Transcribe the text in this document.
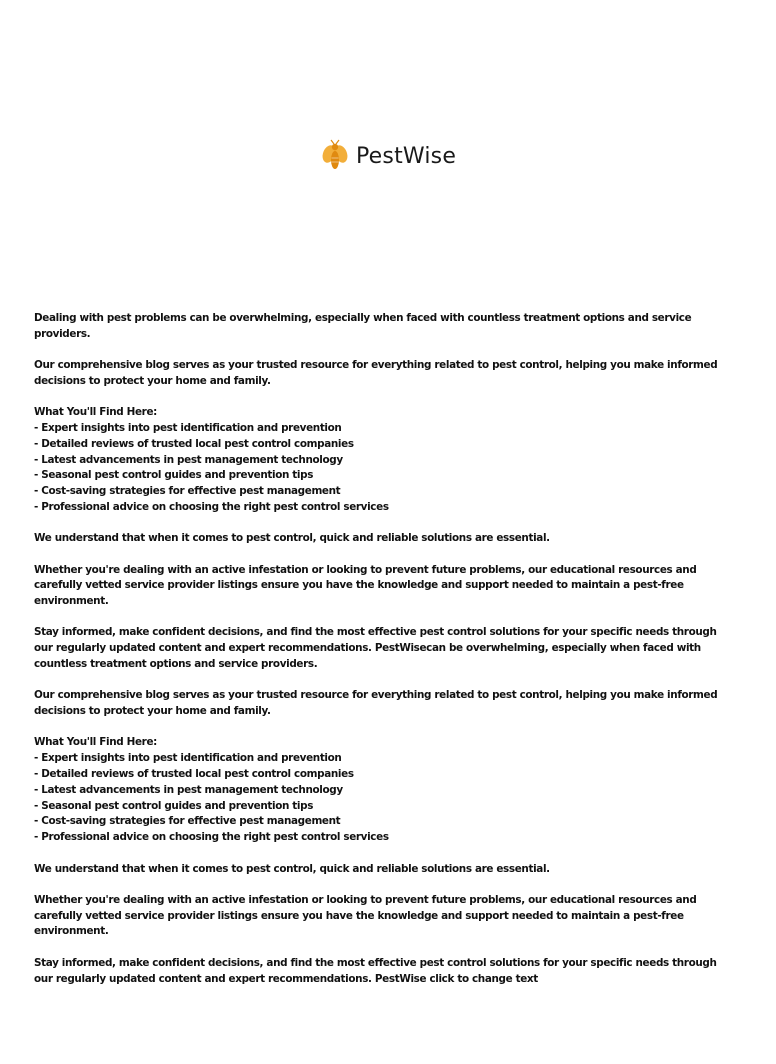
PestWise

Dealing with pest problems can be overwhelming, especially when faced with countless treatment options and service providers.

Our comprehensive blog serves as your trusted resource for everything related to pest control, helping you make informed decisions to protect your home and family.

What You'll Find Here:
- Expert insights into pest identification and prevention
- Detailed reviews of trusted local pest control companies
- Latest advancements in pest management technology
- Seasonal pest control guides and prevention tips
- Cost-saving strategies for effective pest management
- Professional advice on choosing the right pest control services

We understand that when it comes to pest control, quick and reliable solutions are essential.

Whether you're dealing with an active infestation or looking to prevent future problems, our educational resources and carefully vetted service provider listings ensure you have the knowledge and support needed to maintain a pest-free environment.

Stay informed, make confident decisions, and find the most effective pest control solutions for your specific needs through our regularly updated content and expert recommendations. PestWisecan be overwhelming, especially when faced with countless treatment options and service providers.

Our comprehensive blog serves as your trusted resource for everything related to pest control, helping you make informed decisions to protect your home and family.

What You'll Find Here:
- Expert insights into pest identification and prevention
- Detailed reviews of trusted local pest control companies
- Latest advancements in pest management technology
- Seasonal pest control guides and prevention tips
- Cost-saving strategies for effective pest management
- Professional advice on choosing the right pest control services

We understand that when it comes to pest control, quick and reliable solutions are essential.

Whether you're dealing with an active infestation or looking to prevent future problems, our educational resources and carefully vetted service provider listings ensure you have the knowledge and support needed to maintain a pest-free environment.

Stay informed, make confident decisions, and find the most effective pest control solutions for your specific needs through our regularly updated content and expert recommendations. PestWise click to change text
